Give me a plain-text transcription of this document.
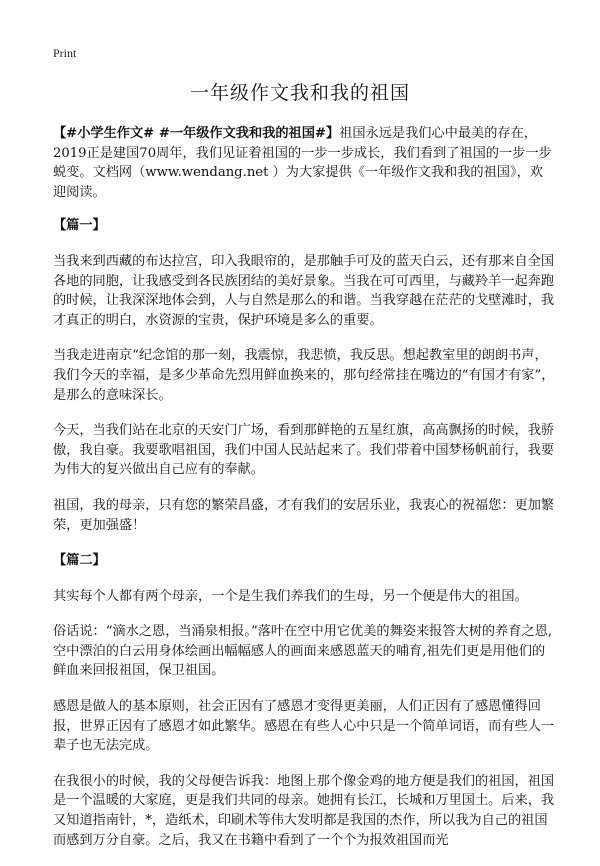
Print
一年级作文我和我的祖国

【#小学生作文# #一年级作文我和我的祖国#】祖国永远是我们心中最美的存在，2019正是建国70周年，我们见证着祖国的一步一步成长，我们看到了祖国的一步一步蜕变。文档网（www.wendang.net ）为大家提供《一年级作文我和我的祖国》，欢迎阅读。

【篇一】

当我来到西藏的布达拉宫，印入我眼帘的，是那触手可及的蓝天白云，还有那来自全国各地的同胞，让我感受到各民族团结的美好景象。当我在可可西里，与藏羚羊一起奔跑的时候，让我深深地体会到，人与自然是那么的和谐。当我穿越在茫茫的戈壁滩时，我才真正的明白，水资源的宝贵，保护环境是多么的重要。

当我走进南京“纪念馆的那一刻，我震惊，我悲愤，我反思。想起教室里的朗朗书声，我们今天的幸福，是多少革命先烈用鲜血换来的，那句经常挂在嘴边的“有国才有家”，是那么的意味深长。

今天，当我们站在北京的天安门广场，看到那鲜艳的五星红旗，高高飘扬的时候，我骄傲，我自豪。我要歌唱祖国，我们中国人民站起来了。我们带着中国梦杨帆前行，我要为伟大的复兴做出自己应有的奉献。

祖国，我的母亲，只有您的繁荣昌盛，才有我们的安居乐业，我衷心的祝福您：更加繁荣，更加强盛！

【篇二】

其实每个人都有两个母亲，一个是生我们养我们的生母，另一个便是伟大的祖国。

俗话说：“滴水之恩，当涌泉相报。”落叶在空中用它优美的舞姿来报答大树的养育之恩,空中漂泊的白云用身体绘画出幅幅感人的画面来感恩蓝天的哺育,祖先们更是用他们的鲜血来回报祖国，保卫祖国。

感恩是做人的基本原则，社会正因有了感恩才变得更美丽，人们正因有了感恩懂得回报，世界正因有了感恩才如此繁华。感恩在有些人心中只是一个简单词语，而有些人一辈子也无法完成。

在我很小的时候，我的父母便告诉我：地图上那个像金鸡的地方便是我们的祖国，祖国是一个温暖的大家庭，更是我们共同的母亲。她拥有长江，长城和万里国土。后来，我又知道指南针，*，造纸术，印刷术等伟大发明都是我国的杰作，所以我为自己的祖国而感到万分自豪。之后，我又在书籍中看到了一个个为报效祖国而光
